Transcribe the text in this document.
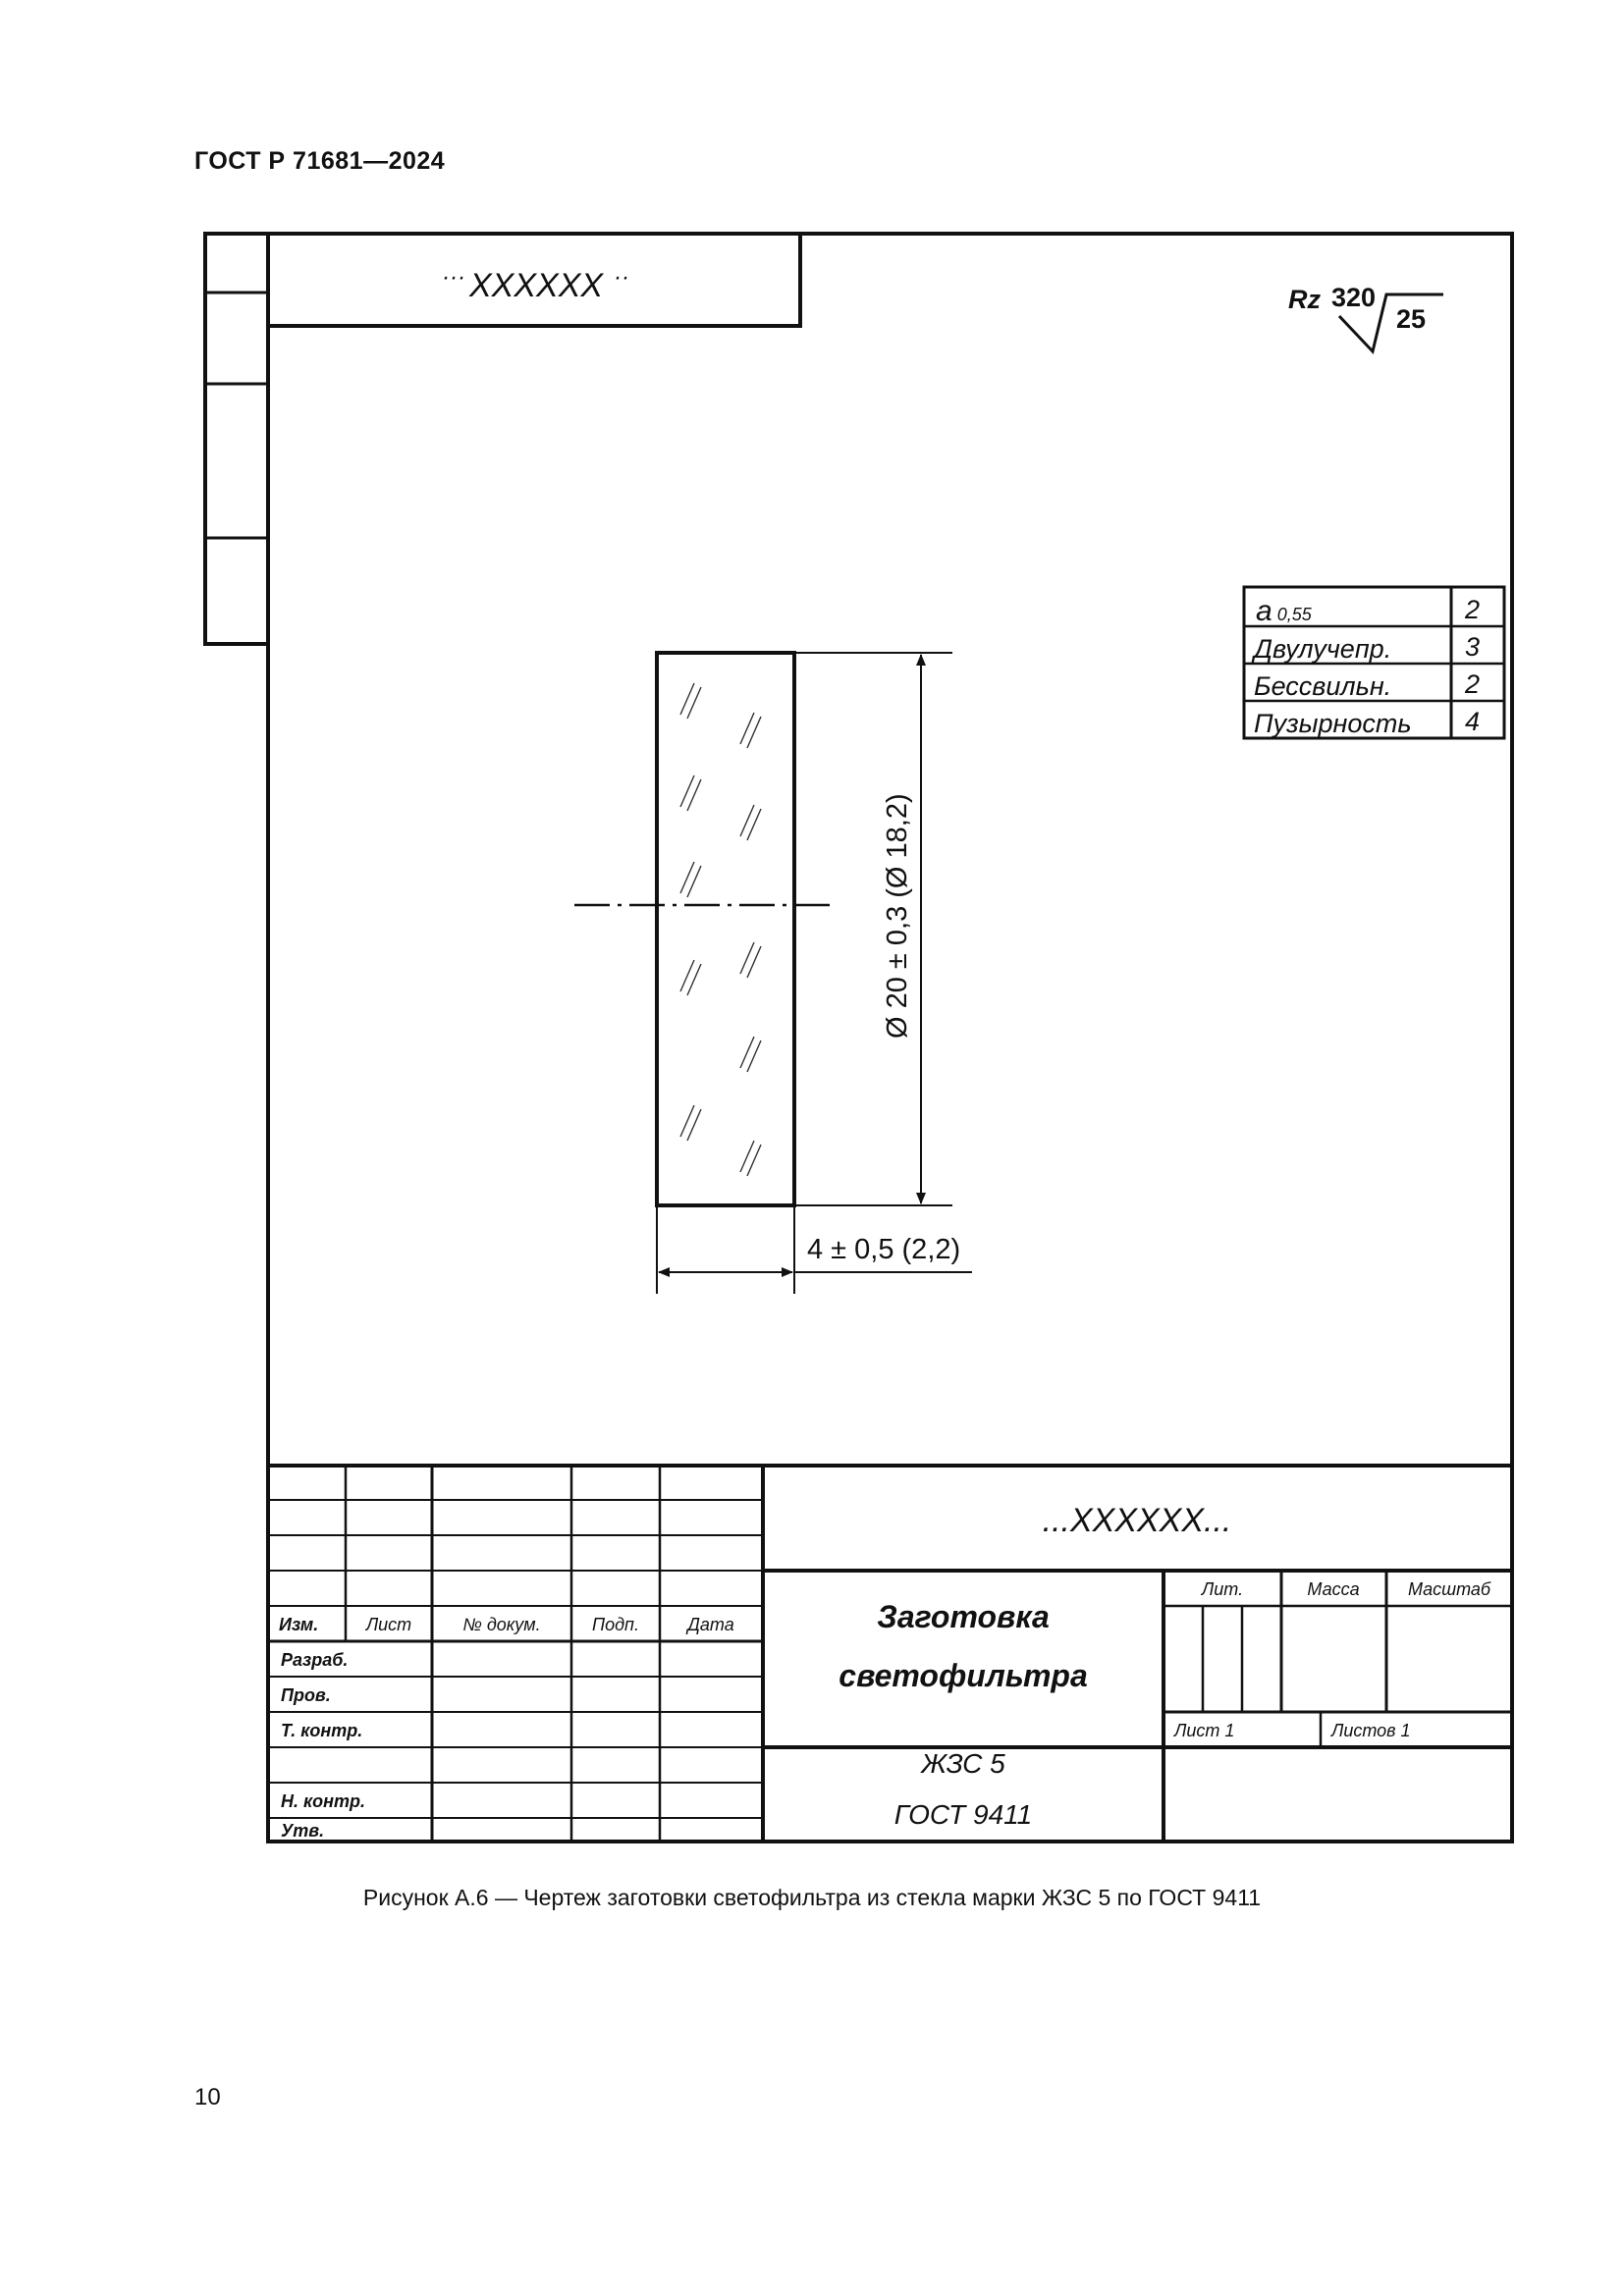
ГОСТ Р 71681—2024
··· XXXXXX ··
Rz 320
25
a 0,55	2
Двулучепр.	3
Бессвильн.	2
Пузырность 4
Ø 20 ± 0,3 (Ø 18,2)
4 ± 0,5 (2,2)
...XXXXXX...
Заготовка
светофильтра
ЖЗС 5
ГОСТ 9411
Изм.	Лист	№ докум.	Подп.	Дата
Разраб.
Пров.
Т. контр.
Н. контр.
Утв.
Лит.	Масса	Масштаб
Лист 1	Листов 1
Рисунок А.6 — Чертеж заготовки светофильтра из стекла марки ЖЗС 5 по ГОСТ 9411
10
